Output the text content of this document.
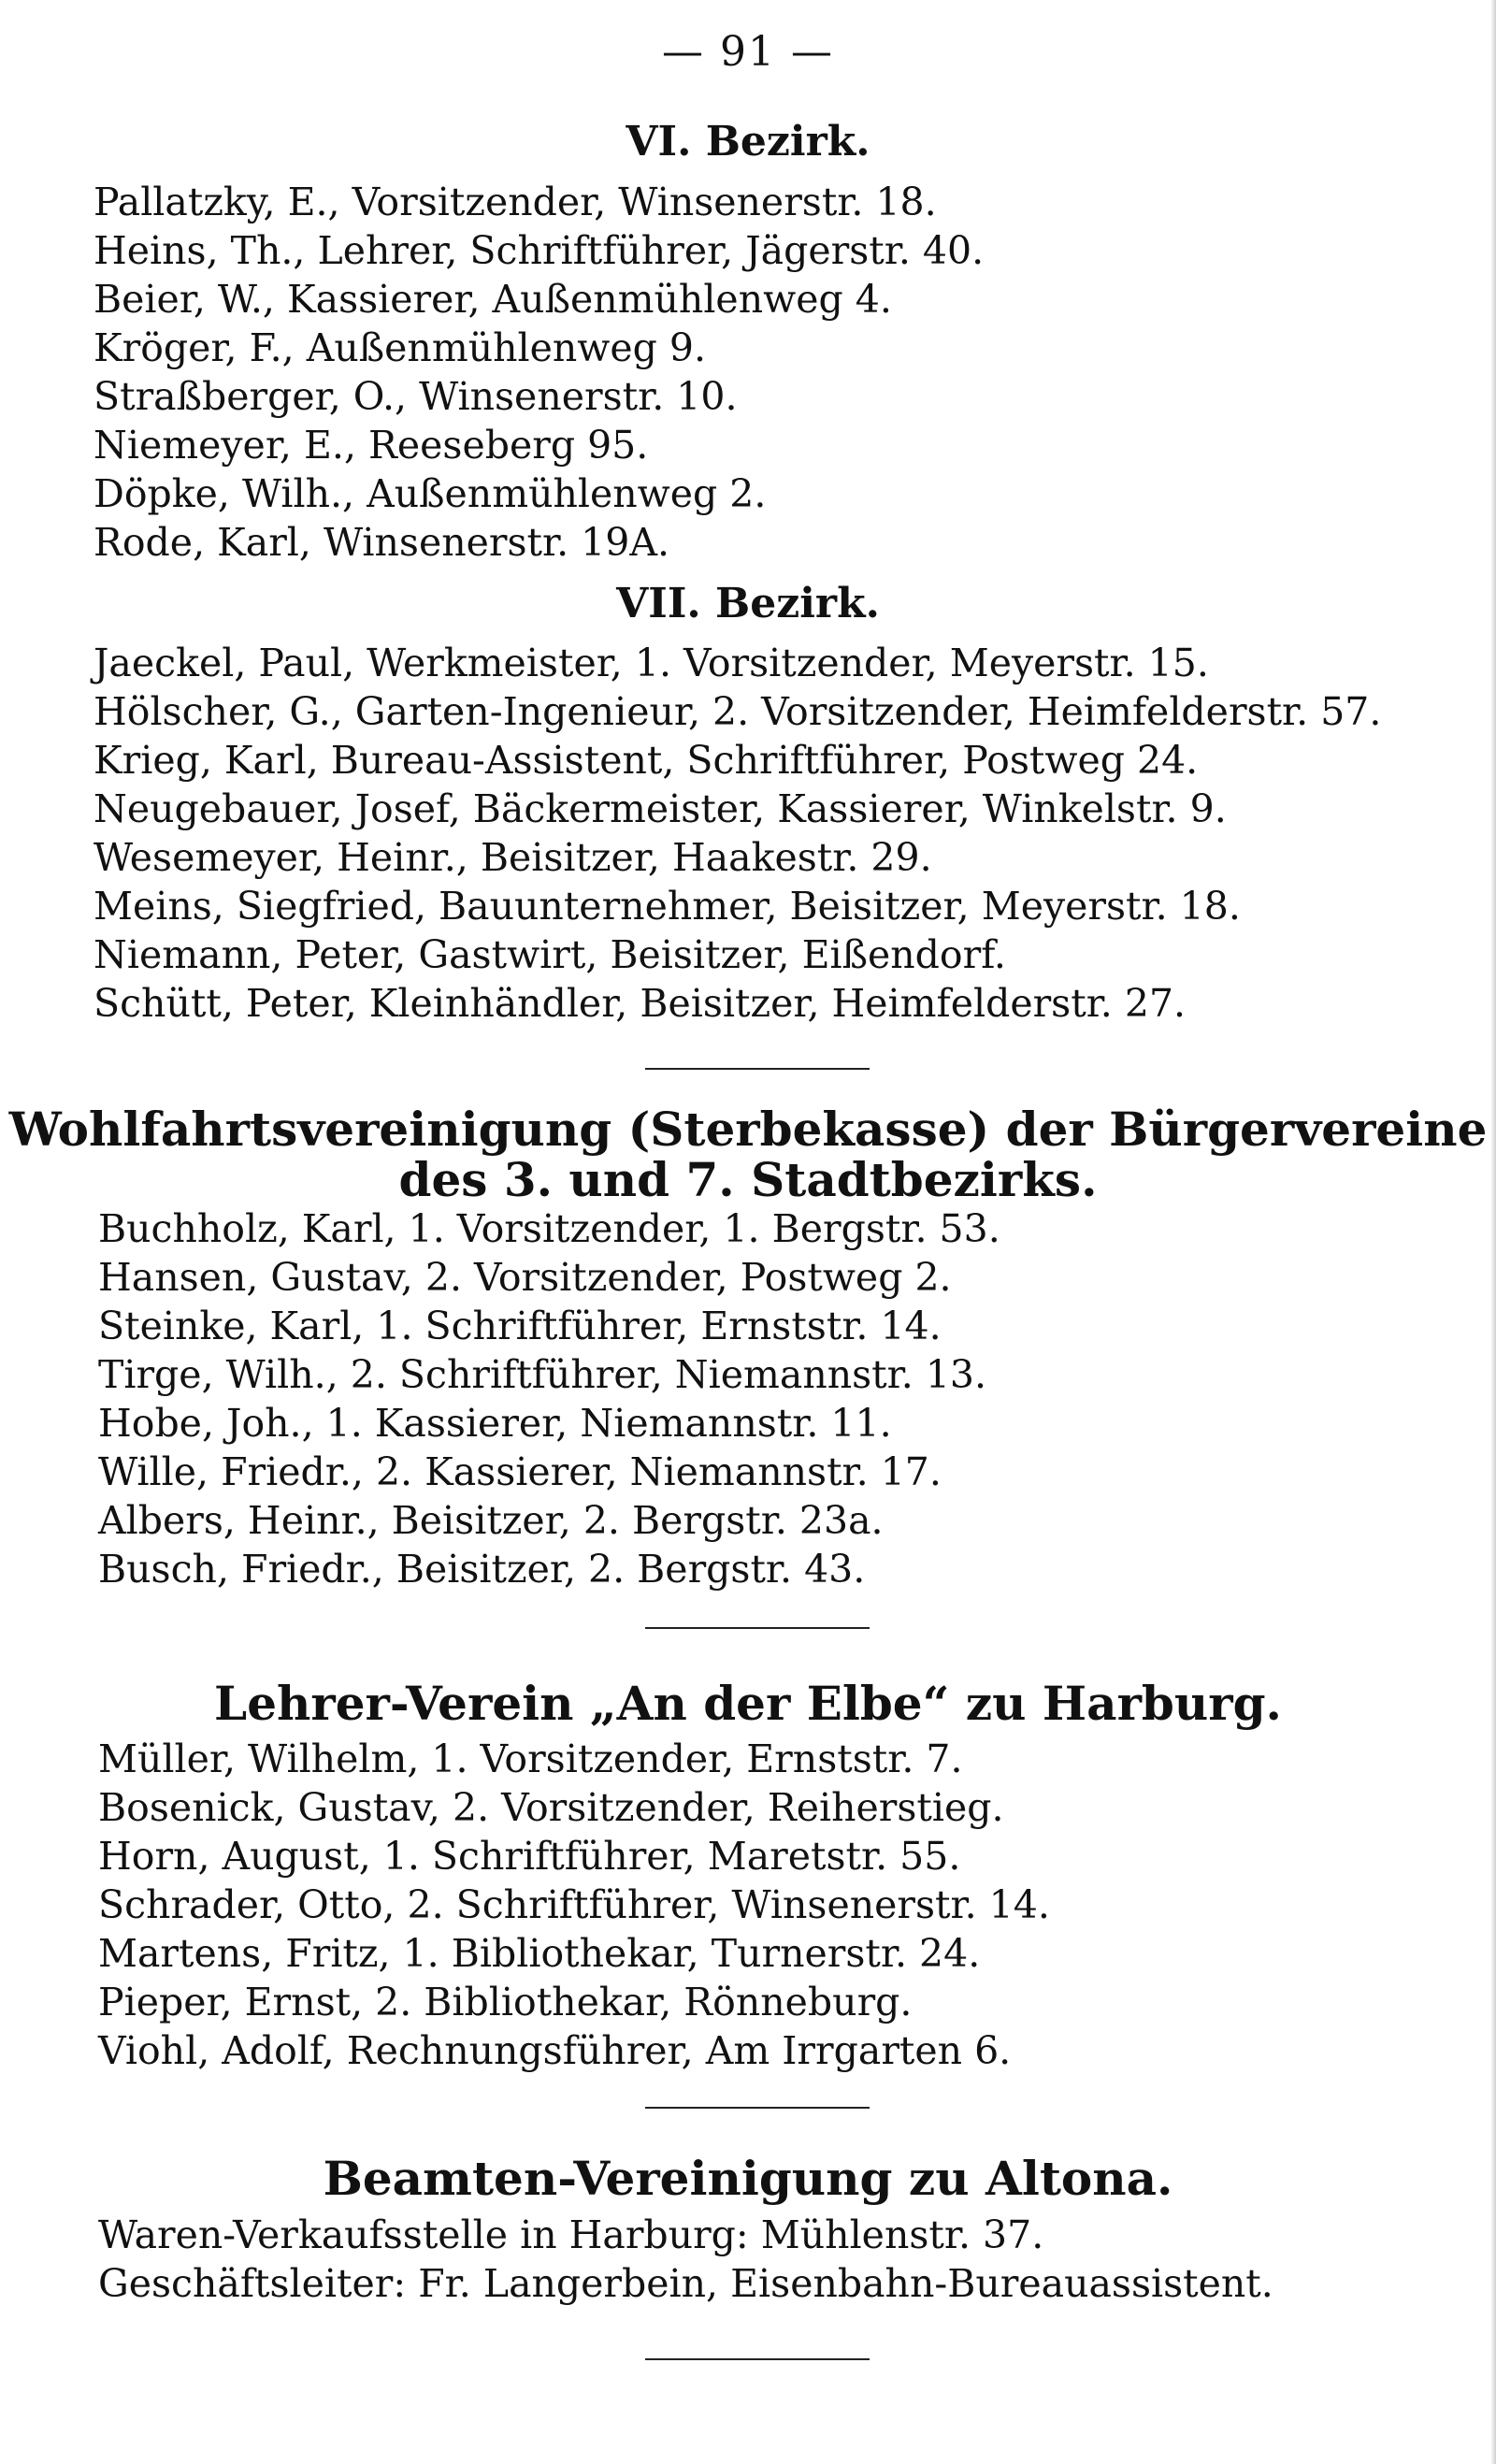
— 91 —
VI. Bezirk.
Pallatzky, E., Vorsitzender, Winsenerstr. 18.
Heins, Th., Lehrer, Schriftführer, Jägerstr. 40.
Beier, W., Kassierer, Außenmühlenweg 4.
Kröger, F., Außenmühlenweg 9.
Straßberger, O., Winsenerstr. 10.
Niemeyer, E., Reeseberg 95.
Döpke, Wilh., Außenmühlenweg 2.
Rode, Karl, Winsenerstr. 19A.
VII. Bezirk.
Jaeckel, Paul, Werkmeister, 1. Vorsitzender, Meyerstr. 15.
Hölscher, G., Garten-Ingenieur, 2. Vorsitzender, Heimfelderstr. 57.
Krieg, Karl, Bureau-Assistent, Schriftführer, Postweg 24.
Neugebauer, Josef, Bäckermeister, Kassierer, Winkelstr. 9.
Wesemeyer, Heinr., Beisitzer, Haakestr. 29.
Meins, Siegfried, Bauunternehmer, Beisitzer, Meyerstr. 18.
Niemann, Peter, Gastwirt, Beisitzer, Eißendorf.
Schütt, Peter, Kleinhändler, Beisitzer, Heimfelderstr. 27.
Wohlfahrtsvereinigung (Sterbekasse) der Bürgervereine
des 3. und 7. Stadtbezirks.
Buchholz, Karl, 1. Vorsitzender, 1. Bergstr. 53.
Hansen, Gustav, 2. Vorsitzender, Postweg 2.
Steinke, Karl, 1. Schriftführer, Ernststr. 14.
Tirge, Wilh., 2. Schriftführer, Niemannstr. 13.
Hobe, Joh., 1. Kassierer, Niemannstr. 11.
Wille, Friedr., 2. Kassierer, Niemannstr. 17.
Albers, Heinr., Beisitzer, 2. Bergstr. 23a.
Busch, Friedr., Beisitzer, 2. Bergstr. 43.
Lehrer-Verein „An der Elbe“ zu Harburg.
Müller, Wilhelm, 1. Vorsitzender, Ernststr. 7.
Bosenick, Gustav, 2. Vorsitzender, Reiherstieg.
Horn, August, 1. Schriftführer, Maretstr. 55.
Schrader, Otto, 2. Schriftführer, Winsenerstr. 14.
Martens, Fritz, 1. Bibliothekar, Turnerstr. 24.
Pieper, Ernst, 2. Bibliothekar, Rönneburg.
Viohl, Adolf, Rechnungsführer, Am Irrgarten 6.
Beamten-Vereinigung zu Altona.
Waren-Verkaufsstelle in Harburg: Mühlenstr. 37.
Geschäftsleiter: Fr. Langerbein, Eisenbahn-Bureauassistent.
